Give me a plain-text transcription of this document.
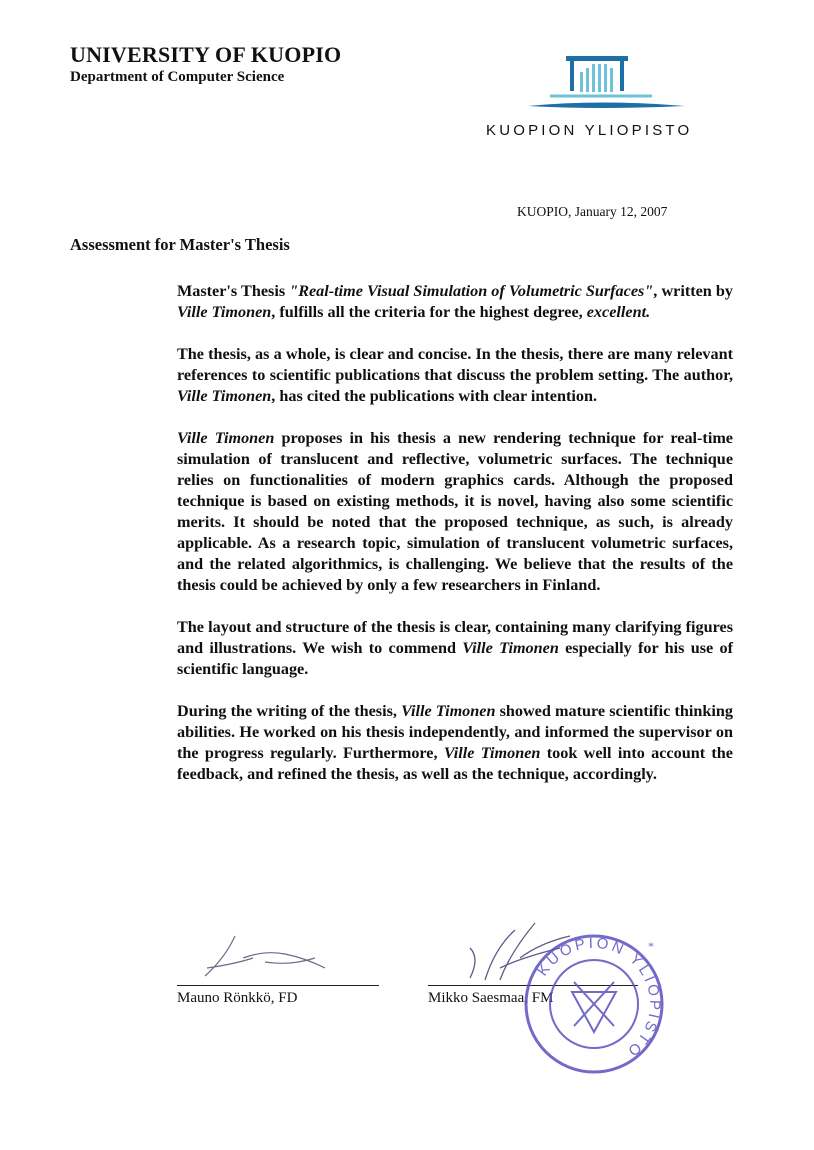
UNIVERSITY OF KUOPIO
Department of Computer Science
KUOPION YLIOPISTO
KUOPIO, January 12, 2007
Assessment for Master's Thesis

Master's Thesis "Real-time Visual Simulation of Volumetric Surfaces", written by Ville Timonen, fulfills all the criteria for the highest degree, excellent.

The thesis, as a whole, is clear and concise. In the thesis, there are many relevant references to scientific publications that discuss the problem setting. The author, Ville Timonen, has cited the publications with clear intention.

Ville Timonen proposes in his thesis a new rendering technique for real-time simulation of translucent and reflective, volumetric surfaces. The technique relies on functionalities of modern graphics cards. Although the proposed technique is based on existing methods, it is novel, having also some scientific merits. It should be noted that the proposed technique, as such, is already applicable. As a research topic, simulation of translucent volumetric surfaces, and the related algorithmics, is challenging. We believe that the results of the thesis could be achieved by only a few researchers in Finland.

The layout and structure of the thesis is clear, containing many clarifying figures and illustrations. We wish to commend Ville Timonen especially for his use of scientific language.

During the writing of the thesis, Ville Timonen showed mature scientific thinking abilities. He worked on his thesis independently, and informed the supervisor on the progress regularly. Furthermore, Ville Timonen took well into account the feedback, and refined the thesis, as well as the technique, accordingly.

Mauno Rönkkö, FD	Mikko Saesmaa, FM
KUOPION YLIOPISTO
*
